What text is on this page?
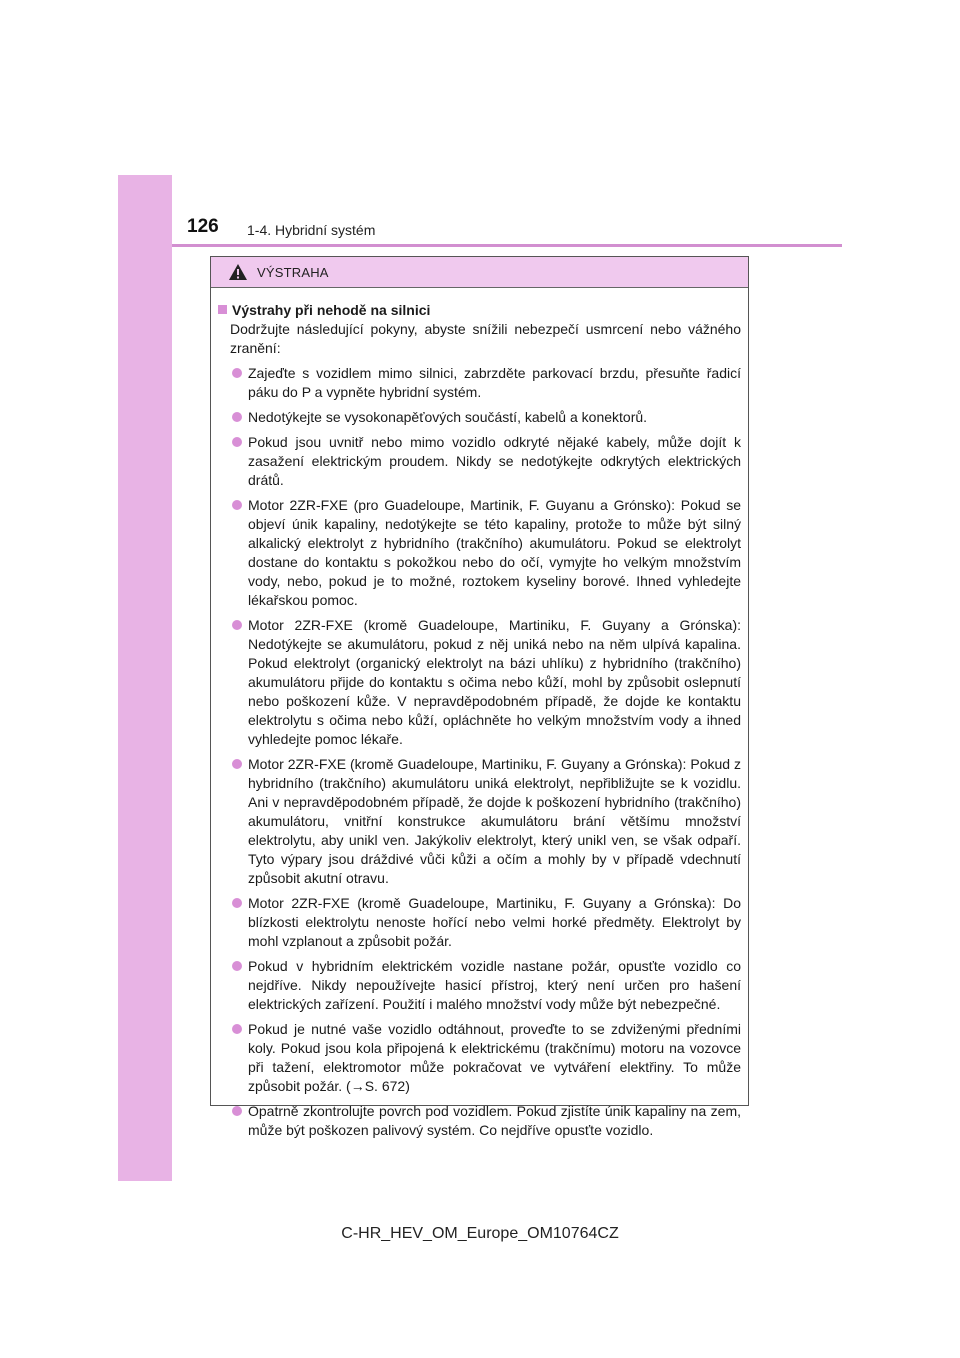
126 1-4. Hybridní systém
VÝSTRAHA
Výstrahy při nehodě na silnici
Dodržujte následující pokyny, abyste snížili nebezpečí usmrcení nebo vážného zranění:
Zajeďte s vozidlem mimo silnici, zabrzděte parkovací brzdu, přesuňte řadicí páku do P a vypněte hybridní systém.
Nedotýkejte se vysokonapěťových součástí, kabelů a konektorů.
Pokud jsou uvnitř nebo mimo vozidlo odkryté nějaké kabely, může dojít k zasažení elektrickým proudem. Nikdy se nedotýkejte odkrytých elektrických drátů.
Motor 2ZR-FXE (pro Guadeloupe, Martinik, F. Guyanu a Grónsko): Pokud se objeví únik kapaliny, nedotýkejte se této kapaliny, protože to může být silný alkalický elektrolyt z hybridního (trakčního) akumulátoru. Pokud se elektrolyt dostane do kontaktu s pokožkou nebo do očí, vymyjte ho velkým množstvím vody, nebo, pokud je to možné, roztokem kyseliny borové. Ihned vyhledejte lékařskou pomoc.
Motor 2ZR-FXE (kromě Guadeloupe, Martiniku, F. Guyany a Grónska): Nedotýkejte se akumulátoru, pokud z něj uniká nebo na něm ulpívá kapalina. Pokud elektrolyt (organický elektrolyt na bázi uhlíku) z hybridního (trakčního) akumulátoru přijde do kontaktu s očima nebo kůží, mohl by způsobit oslepnutí nebo poškození kůže. V nepravděpodobném případě, že dojde ke kontaktu elektrolytu s očima nebo kůží, opláchněte ho velkým množstvím vody a ihned vyhledejte pomoc lékaře.
Motor 2ZR-FXE (kromě Guadeloupe, Martiniku, F. Guyany a Grónska): Pokud z hybridního (trakčního) akumulátoru uniká elektrolyt, nepřibližujte se k vozidlu. Ani v nepravděpodobném případě, že dojde k poškození hybridního (trakčního) akumulátoru, vnitřní konstrukce akumulátoru brání většímu množství elektrolytu, aby unikl ven. Jakýkoliv elektrolyt, který unikl ven, se však odpaří. Tyto výpary jsou dráždivé vůči kůži a očím a mohly by v případě vdechnutí způsobit akutní otravu.
Motor 2ZR-FXE (kromě Guadeloupe, Martiniku, F. Guyany a Grónska): Do blízkosti elektrolytu nenoste hořící nebo velmi horké předměty. Elektrolyt by mohl vzplanout a způsobit požár.
Pokud v hybridním elektrickém vozidle nastane požár, opusťte vozidlo co nejdříve. Nikdy nepoužívejte hasicí přístroj, který není určen pro hašení elektrických zařízení. Použití i malého množství vody může být nebezpečné.
Pokud je nutné vaše vozidlo odtáhnout, proveďte to se zdviženými předními koly. Pokud jsou kola připojená k elektrickému (trakčnímu) motoru na vozovce při tažení, elektromotor může pokračovat ve vytváření elektřiny. To může způsobit požár. (→S. 672)
Opatrně zkontrolujte povrch pod vozidlem. Pokud zjistíte únik kapaliny na zem, může být poškozen palivový systém. Co nejdříve opusťte vozidlo.
C-HR_HEV_OM_Europe_OM10764CZ
